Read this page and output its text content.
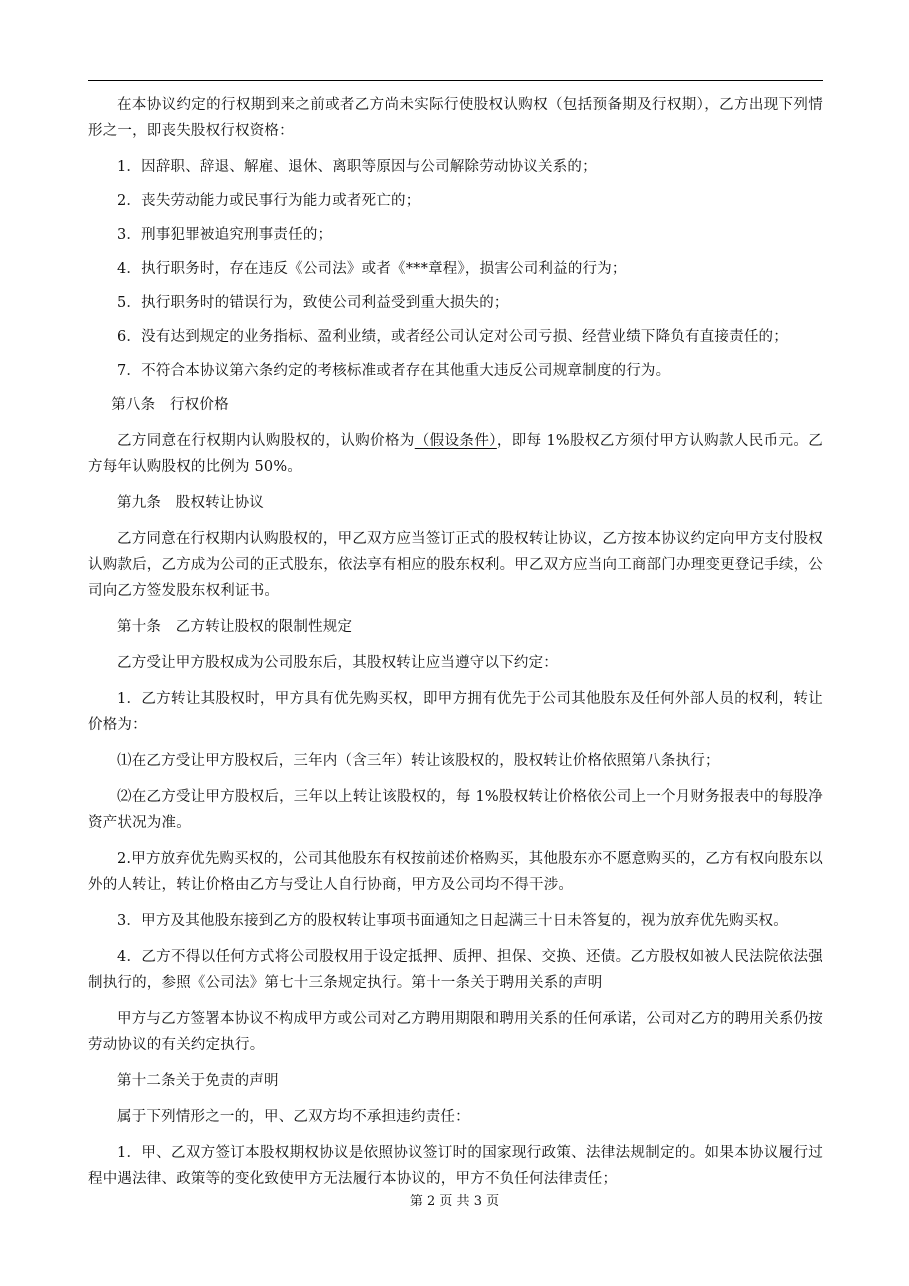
在本协议约定的行权期到来之前或者乙方尚未实际行使股权认购权（包括预备期及行权期），乙方出现下列情形之一，即丧失股权行权资格：

1．因辞职、辞退、解雇、退休、离职等原因与公司解除劳动协议关系的；

2．丧失劳动能力或民事行为能力或者死亡的；

3．刑事犯罪被追究刑事责任的；

4．执行职务时，存在违反《公司法》或者《***章程》，损害公司利益的行为；

5．执行职务时的错误行为，致使公司利益受到重大损失的；

6．没有达到规定的业务指标、盈利业绩，或者经公司认定对公司亏损、经营业绩下降负有直接责任的；

7．不符合本协议第六条约定的考核标准或者存在其他重大违反公司规章制度的行为。

第八条　行权价格

乙方同意在行权期内认购股权的，认购价格为（假设条件），即每 1%股权乙方须付甲方认购款人民币元。乙方每年认购股权的比例为 50%。

第九条　股权转让协议

乙方同意在行权期内认购股权的，甲乙双方应当签订正式的股权转让协议，乙方按本协议约定向甲方支付股权认购款后，乙方成为公司的正式股东，依法享有相应的股东权利。甲乙双方应当向工商部门办理变更登记手续，公司向乙方签发股东权利证书。

第十条　乙方转让股权的限制性规定

乙方受让甲方股权成为公司股东后，其股权转让应当遵守以下约定：

1．乙方转让其股权时，甲方具有优先购买权，即甲方拥有优先于公司其他股东及任何外部人员的权利，转让价格为：

⑴在乙方受让甲方股权后，三年内（含三年）转让该股权的，股权转让价格依照第八条执行；

⑵在乙方受让甲方股权后，三年以上转让该股权的，每 1%股权转让价格依公司上一个月财务报表中的每股净资产状况为准。

2.甲方放弃优先购买权的，公司其他股东有权按前述价格购买，其他股东亦不愿意购买的，乙方有权向股东以外的人转让，转让价格由乙方与受让人自行协商，甲方及公司均不得干涉。

3．甲方及其他股东接到乙方的股权转让事项书面通知之日起满三十日未答复的，视为放弃优先购买权。

4．乙方不得以任何方式将公司股权用于设定抵押、质押、担保、交换、还债。乙方股权如被人民法院依法强制执行的，参照《公司法》第七十三条规定执行。第十一条关于聘用关系的声明

甲方与乙方签署本协议不构成甲方或公司对乙方聘用期限和聘用关系的任何承诺，公司对乙方的聘用关系仍按劳动协议的有关约定执行。

第十二条关于免责的声明

属于下列情形之一的，甲、乙双方均不承担违约责任：

1．甲、乙双方签订本股权期权协议是依照协议签订时的国家现行政策、法律法规制定的。如果本协议履行过程中遇法律、政策等的变化致使甲方无法履行本协议的，甲方不负任何法律责任；

第 2 页 共 3 页
